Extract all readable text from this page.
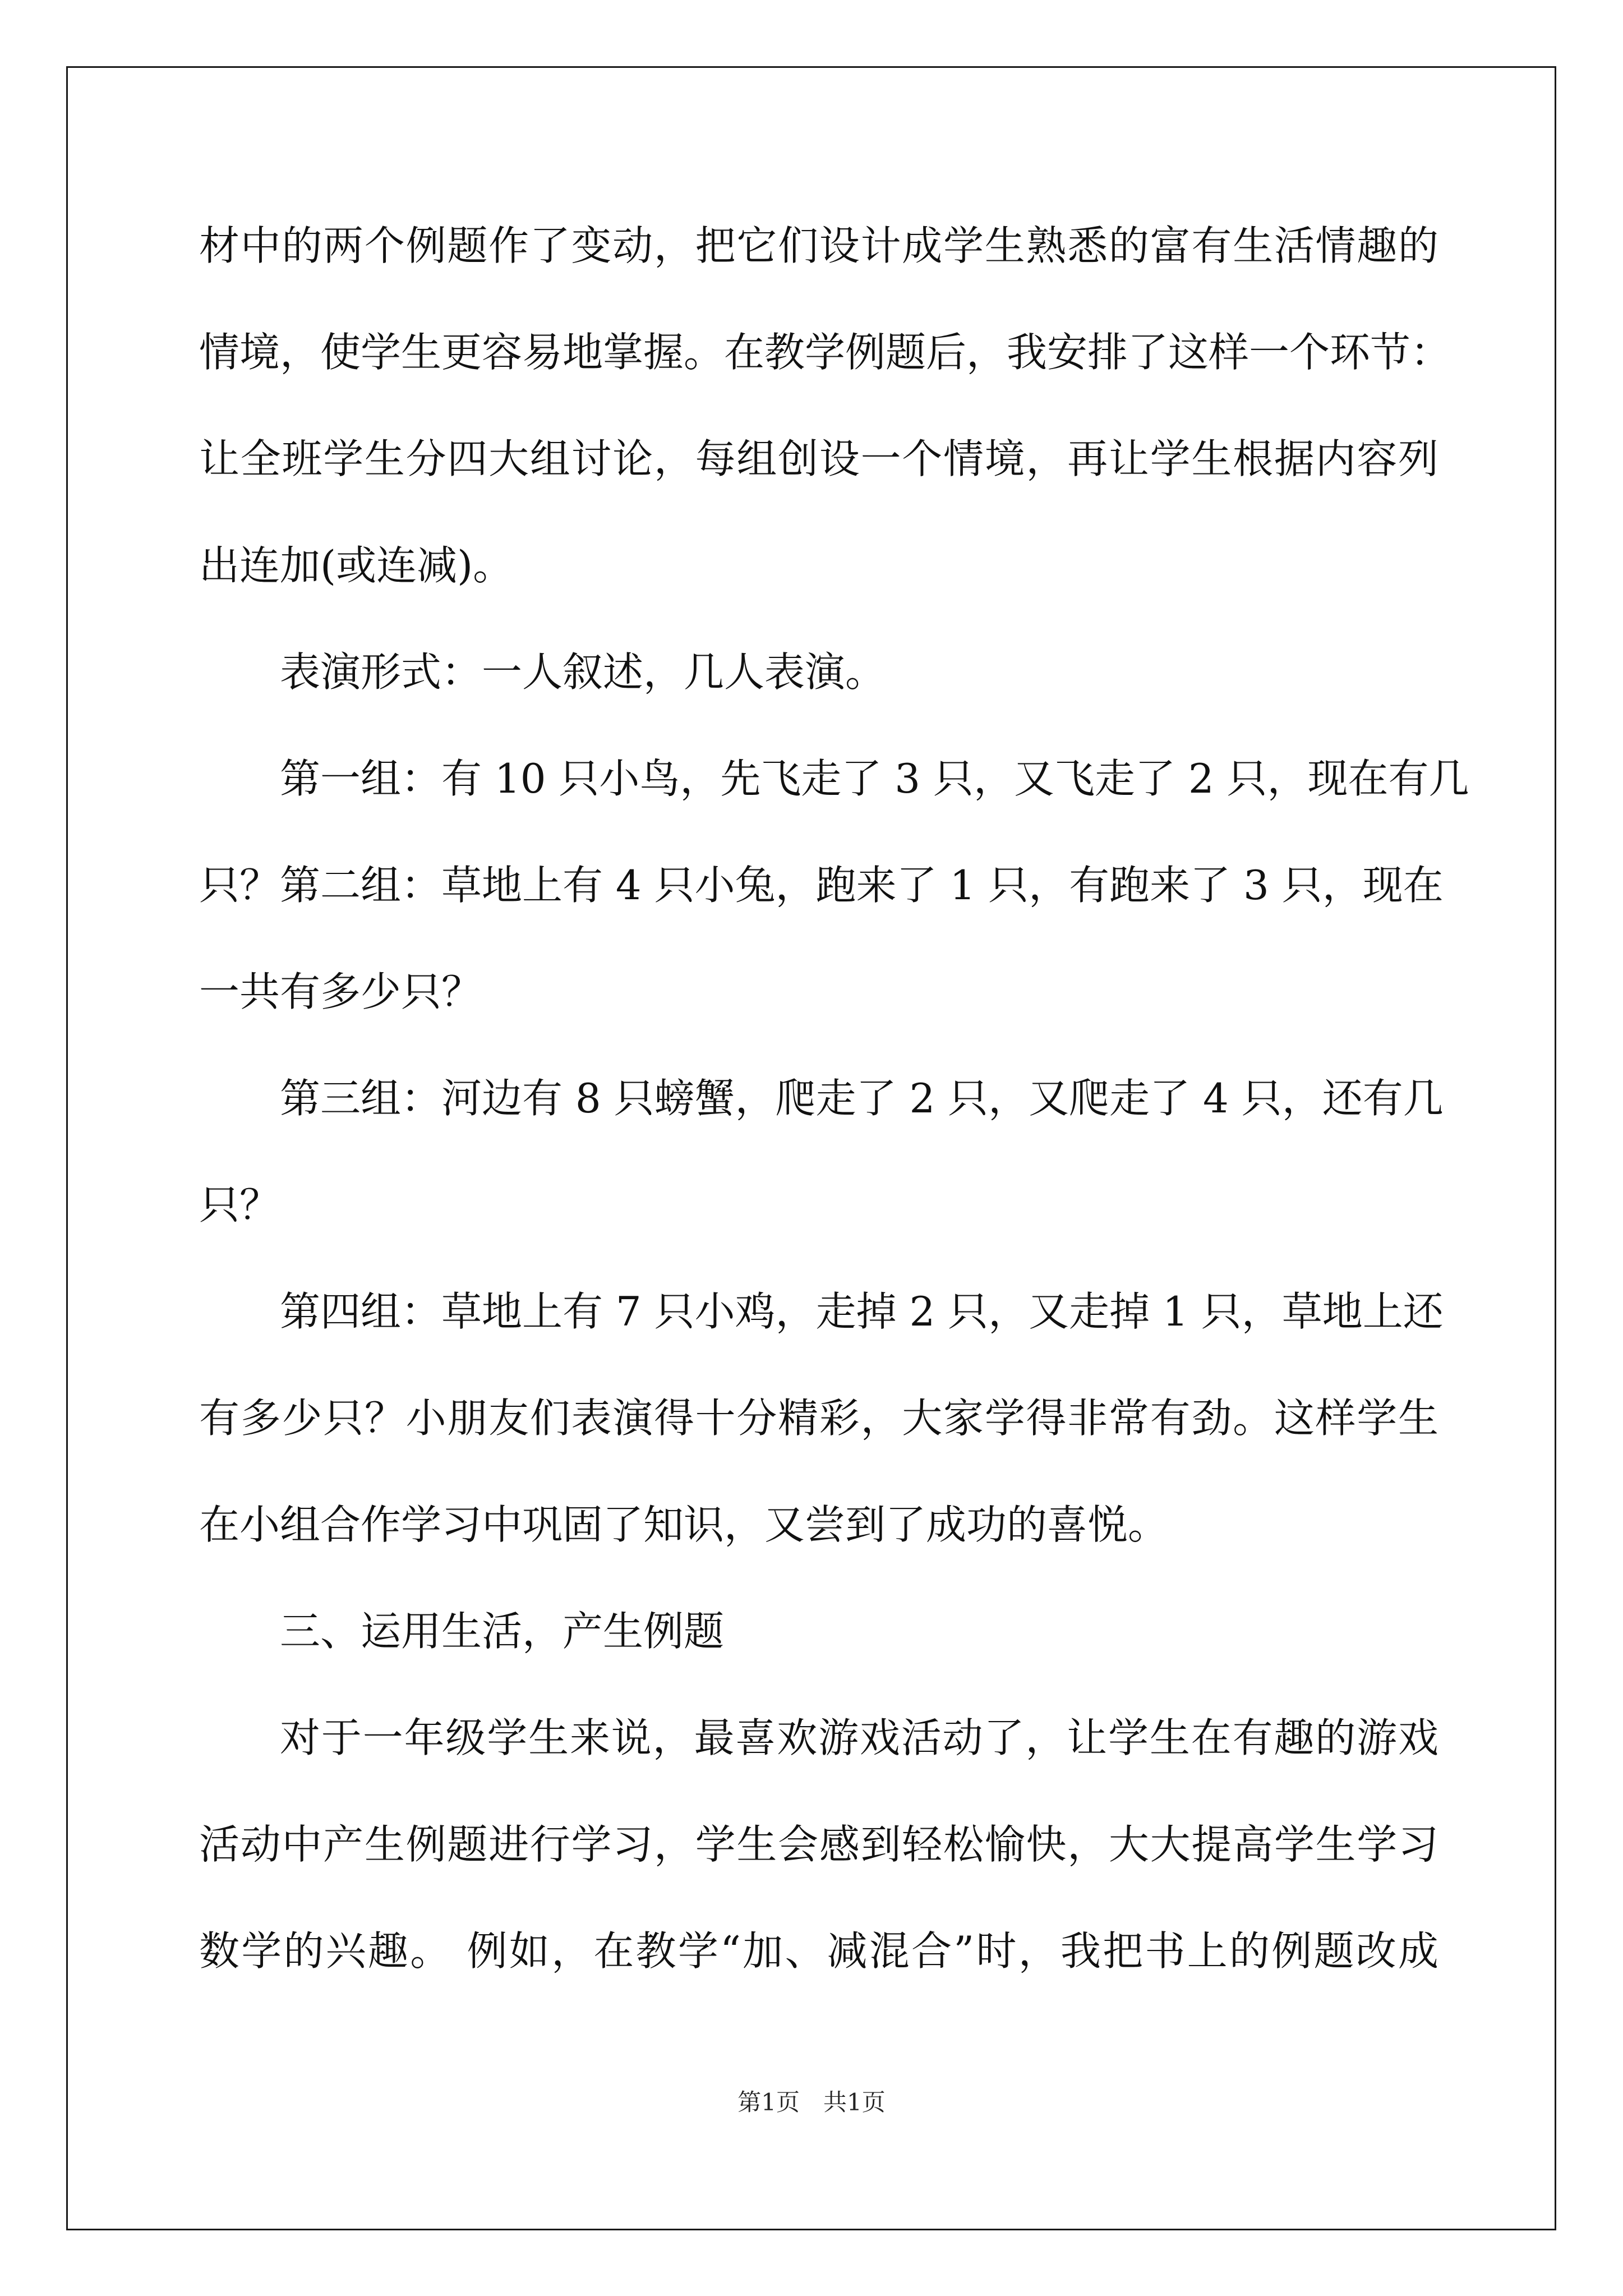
材中的两个例题作了变动，把它们设计成学生熟悉的富有生活情趣的
情境，使学生更容易地掌握。在教学例题后，我安排了这样一个环节：
让全班学生分四大组讨论，每组创设一个情境，再让学生根据内容列
出连加(或连减)。
表演形式：一人叙述，几人表演。
第一组：有 10 只小鸟，先飞走了 3 只，又飞走了 2 只，现在有几
只？第二组：草地上有 4 只小兔，跑来了 1 只，有跑来了 3 只，现在
一共有多少只？
第三组：河边有 8 只螃蟹，爬走了 2 只，又爬走了 4 只，还有几
只？
第四组：草地上有 7 只小鸡，走掉 2 只，又走掉 1 只，草地上还
有多少只？小朋友们表演得十分精彩，大家学得非常有劲。这样学生
在小组合作学习中巩固了知识，又尝到了成功的喜悦。
三、运用生活，产生例题
对于一年级学生来说，最喜欢游戏活动了，让学生在有趣的游戏
活动中产生例题进行学习，学生会感到轻松愉快，大大提高学生学习
数学的兴趣。 例如，在教学“加、减混合”时，我把书上的例题改成
第1页　共1页
